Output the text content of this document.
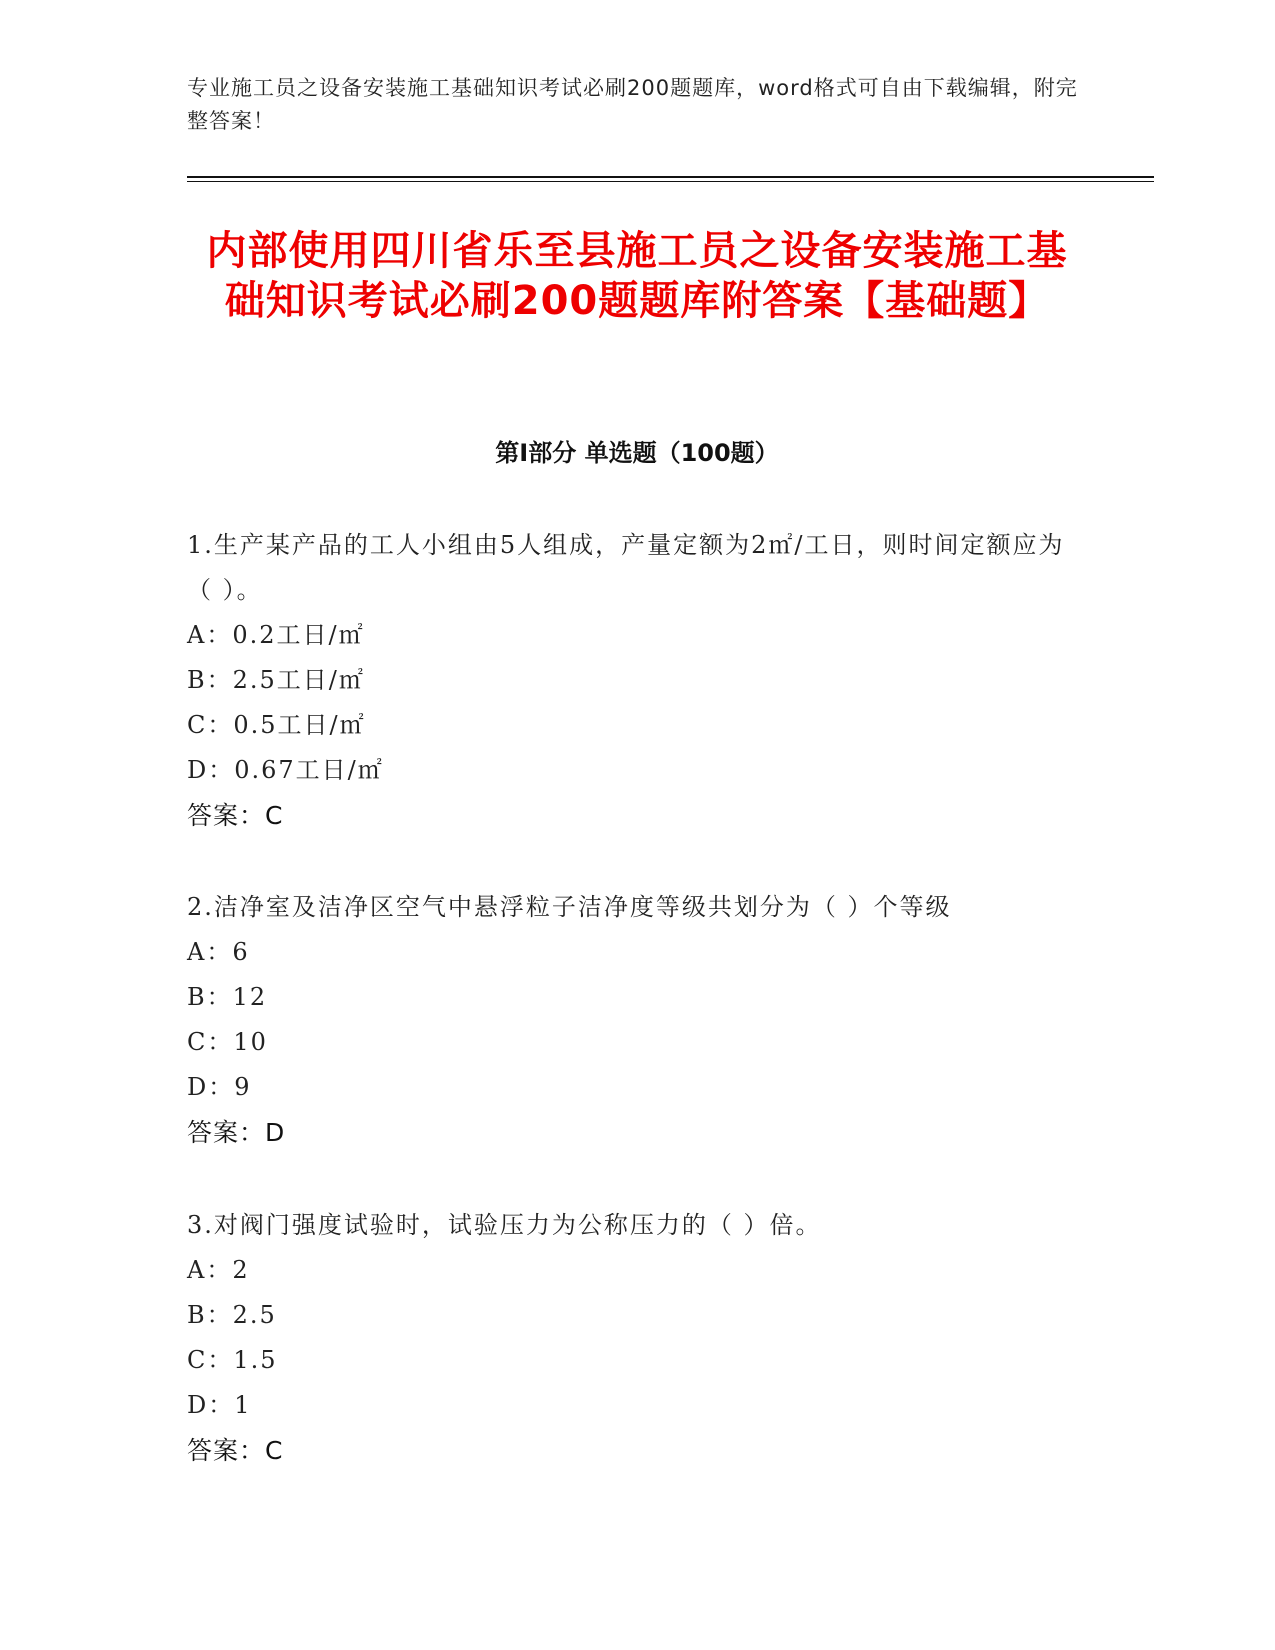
专业施工员之设备安装施工基础知识考试必刷200题题库，word格式可自由下载编辑，附完整答案！
内部使用四川省乐至县施工员之设备安装施工基础知识考试必刷200题题库附答案【基础题】
第I部分 单选题（100题）
1.生产某产品的工人小组由5人组成，产量定额为2㎡/工日，则时间定额应为（ ）。
A：0.2工日/㎡
B：2.5工日/㎡
C：0.5工日/㎡
D：0.67工日/㎡
答案：C
2.洁净室及洁净区空气中悬浮粒子洁净度等级共划分为（ ）个等级
A：6
B：12
C：10
D：9
答案：D
3.对阀门强度试验时，试验压力为公称压力的（ ）倍。
A：2
B：2.5
C：1.5
D：1
答案：C
